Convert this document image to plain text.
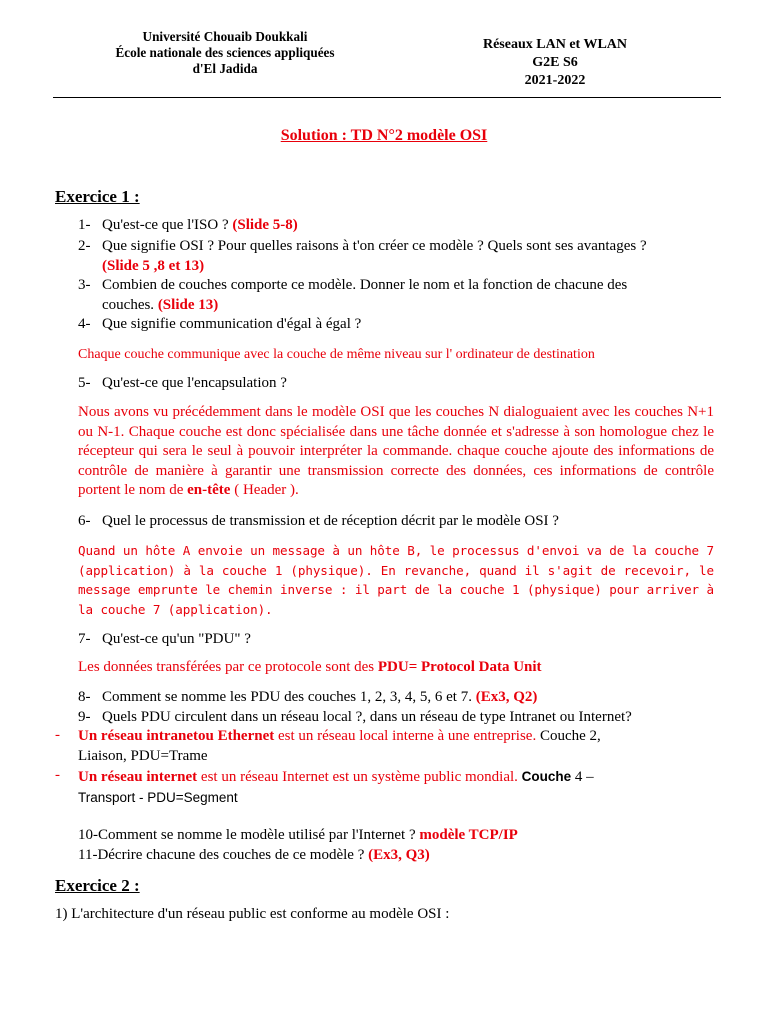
Université Chouaib Doukkali
École nationale des sciences appliquées
d'El Jadida
Réseaux LAN et WLAN
G2E S6
2021-2022
Solution : TD N°2 modèle OSI
Exercice 1 :
1- Qu'est-ce que l'ISO ? (Slide 5-8)
2- Que signifie OSI ? Pour quelles raisons à t'on créer ce modèle ? Quels sont ses avantages ?
(Slide 5 ,8 et 13)
3- Combien de couches comporte ce modèle. Donner le nom et la fonction de chacune des
couches. (Slide 13)
4- Que signifie communication d'égal à égal ?
Chaque couche communique avec la couche de même niveau sur l' ordinateur de destination
5- Qu'est-ce que l'encapsulation ?
Nous avons vu précédemment dans le modèle OSI que les couches N dialoguaient avec les couches N+1 ou N-1. Chaque couche est donc spécialisée dans une tâche donnée et s'adresse à son homologue chez le récepteur qui sera le seul à pouvoir interpréter la commande. chaque couche ajoute des informations de contrôle de manière à garantir une transmission correcte des données, ces informations de contrôle portent le nom de en-tête ( Header ).
6- Quel le processus de transmission et de réception décrit par le modèle OSI ?
Quand un hôte A envoie un message à un hôte B, le processus d'envoi va de la couche 7 (application) à la couche 1 (physique). En revanche, quand il s'agit de recevoir, le message emprunte le chemin inverse : il part de la couche 1 (physique) pour arriver à la couche 7 (application).
7- Qu'est-ce qu'un "PDU" ?
Les données transférées par ce protocole sont des PDU= Protocol Data Unit
8- Comment se nomme les PDU des couches 1, 2, 3, 4, 5, 6 et 7. (Ex3, Q2)
9- Quels PDU circulent dans un réseau local ?, dans un réseau de type Intranet ou Internet?
- Un réseau intranetou Ethernet est un réseau local interne à une entreprise. Couche 2,
Liaison, PDU=Trame
- Un réseau internet est un réseau Internet est un système public mondial. Couche 4 –
Transport - PDU=Segment
10-Comment se nomme le modèle utilisé par l'Internet ? modèle TCP/IP
11-Décrire chacune des couches de ce modèle ? (Ex3, Q3)
Exercice 2 :
1) L'architecture d'un réseau public est conforme au modèle OSI :
